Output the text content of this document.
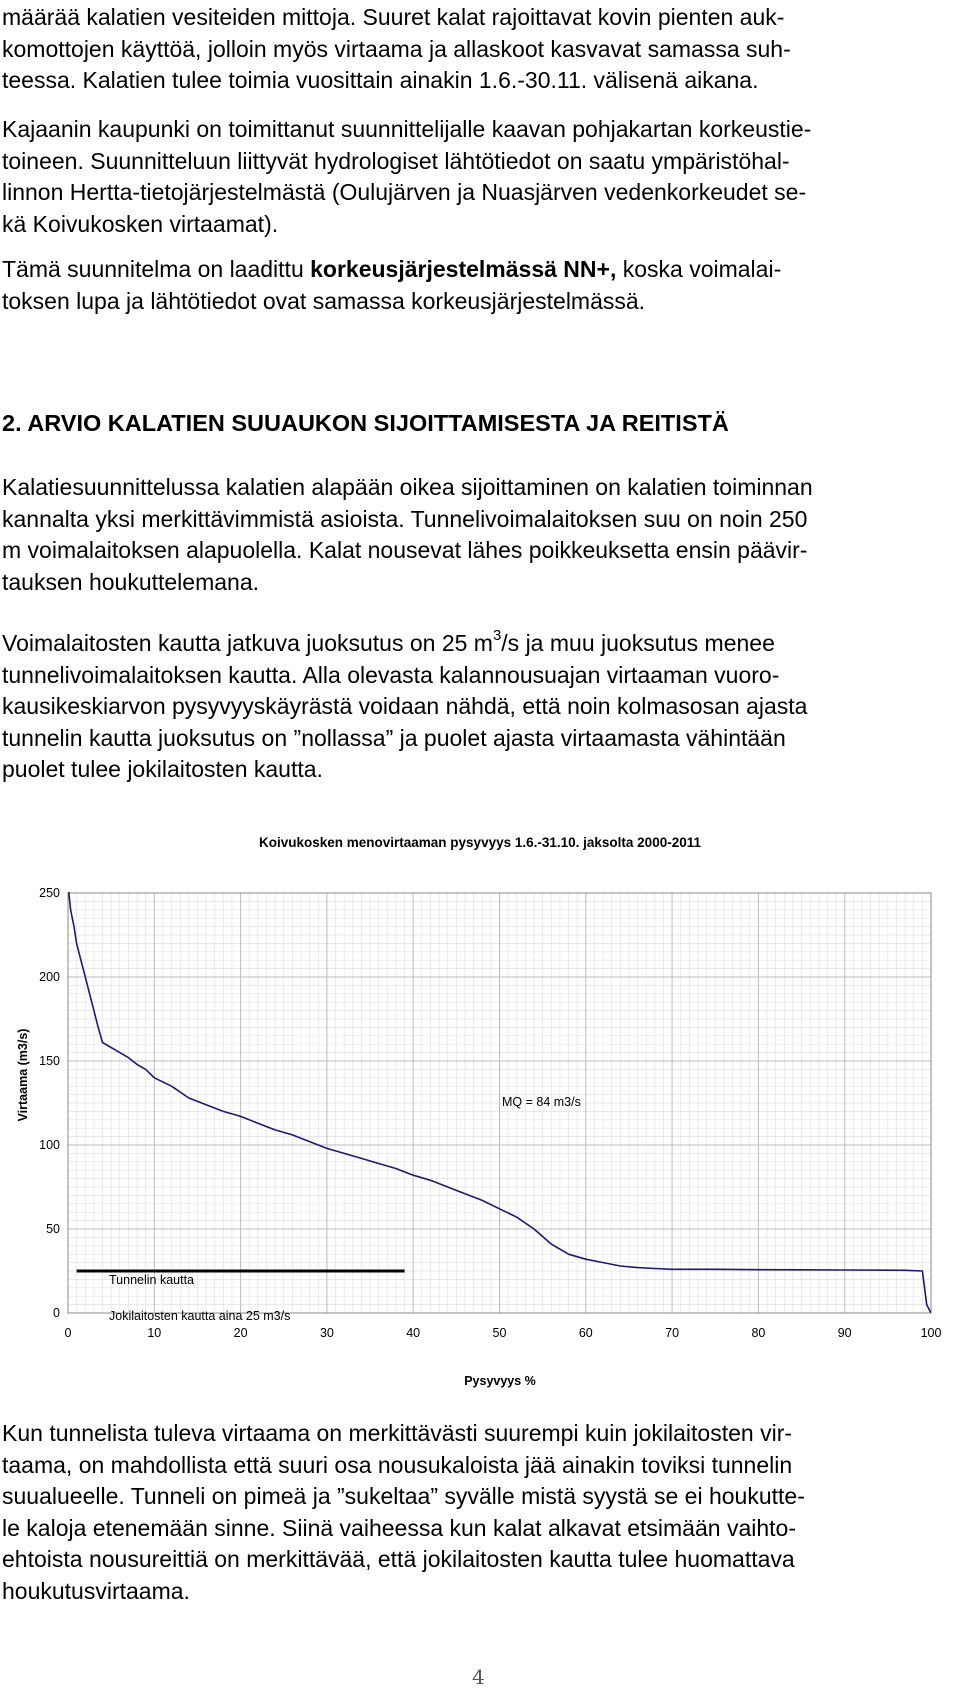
määrää kalatien vesiteiden mittoja. Suuret kalat rajoittavat kovin pienten auk-
komottojen käyttöä, jolloin myös virtaama ja allaskoot kasvavat samassa suh-
teessa. Kalatien tulee toimia vuosittain ainakin 1.6.-30.11. välisenä aikana.

Kajaanin kaupunki on toimittanut suunnittelijalle kaavan pohjakartan korkeustie-
toineen. Suunnitteluun liittyvät hydrologiset lähtötiedot on saatu ympäristöhal-
linnon Hertta-tietojärjestelmästä (Oulujärven ja Nuasjärven vedenkorkeudet se-
kä Koivukosken virtaamat).

Tämä suunnitelma on laadittu korkeusjärjestelmässä NN+, koska voimalai-
toksen lupa ja lähtötiedot ovat samassa korkeusjärjestelmässä.

2. ARVIO KALATIEN SUUAUKON SIJOITTAMISESTA JA REITISTÄ

Kalatiesuunnittelussa kalatien alapään oikea sijoittaminen on kalatien toiminnan
kannalta yksi merkittävimmistä asioista. Tunnelivoimalaitoksen suu on noin 250
m voimalaitoksen alapuolella. Kalat nousevat lähes poikkeuksetta ensin päävir-
tauksen houkuttelemana.

Voimalaitosten kautta jatkuva juoksutus on 25 $m^3/s$ ja muu juoksutus menee
tunnelivoimalaitoksen kautta. Alla olevasta kalannousuajan virtaaman vuoro-
kausikeskiarvon pysyvyyskäyrästä voidaan nähdä, että noin kolmasosan ajasta
tunnelin kautta juoksutus on ”nollassa” ja puolet ajasta virtaamasta vähintään
puolet tulee jokilaitosten kautta.

Koivukosken menovirtaaman pysyvyys 1.6.-31.10. jaksolta 2000-2011
0	10	20	30	40	50	60	70	80	90	100
0
50
100
150
200
250
MQ = 84 m3/s
Tunnelin kautta
Jokilaitosten kautta aina 25 m3/s
Pysyvyys %
Virtaama (m3/s)

Kun tunnelista tuleva virtaama on merkittävästi suurempi kuin jokilaitosten vir-
taama, on mahdollista että suuri osa nousukaloista jää ainakin toviksi tunnelin
suualueelle. Tunneli on pimeä ja ”sukeltaa” syvälle mistä syystä se ei houkutte-
le kaloja etenemään sinne. Siinä vaiheessa kun kalat alkavat etsimään vaihto-
ehtoista nousureittiä on merkittävää, että jokilaitosten kautta tulee huomattava
houkutusvirtaama.

4
